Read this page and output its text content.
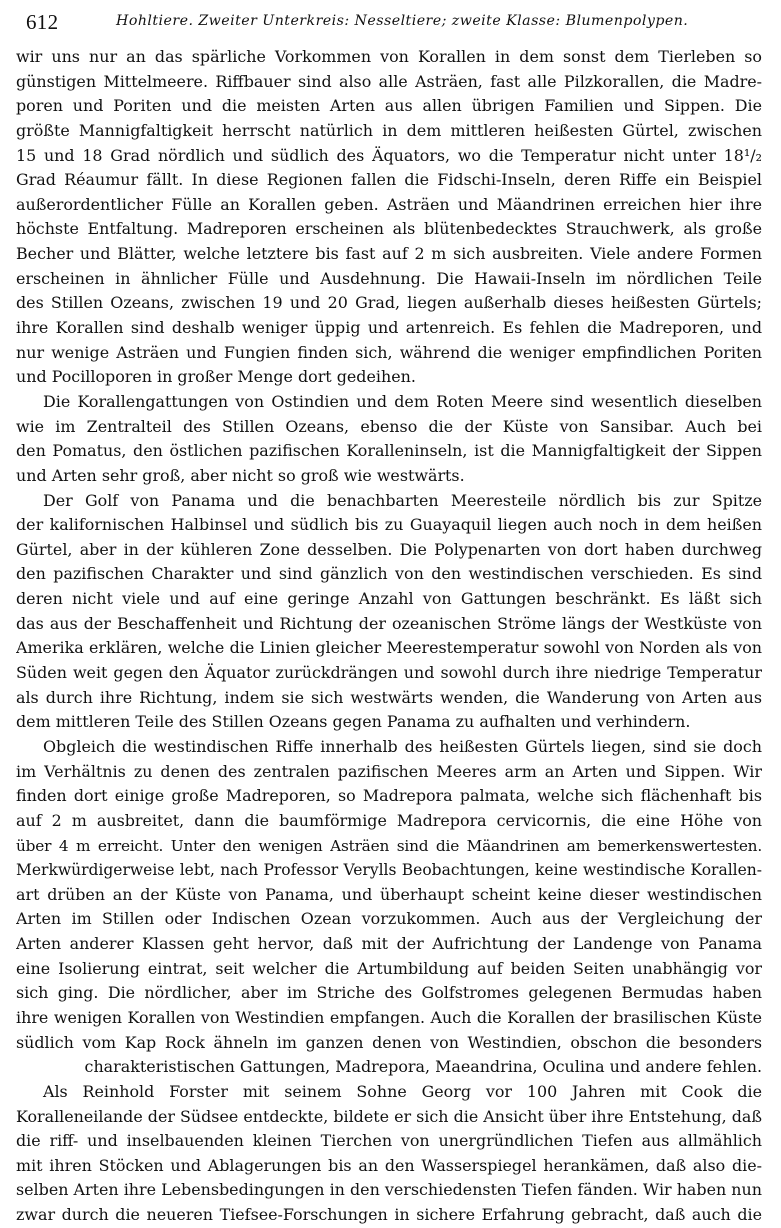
612	Hohltiere. Zweiter Unterkreis: Nesseltiere; zweite Klasse: Blumenpolypen.
wir uns nur an das spärliche Vorkommen von Korallen in dem sonst dem Tierleben so
günstigen Mittelmeere. Riffbauer sind also alle Asträen, fast alle Pilzkorallen, die Madre-
poren und Poriten und die meisten Arten aus allen übrigen Familien und Sippen. Die
größte Mannigfaltigkeit herrscht natürlich in dem mittleren heißesten Gürtel, zwischen
15 und 18 Grad nördlich und südlich des Äquators, wo die Temperatur nicht unter 18¹/₂
Grad Réaumur fällt. In diese Regionen fallen die Fidschi-Inseln, deren Riffe ein Beispiel
außerordentlicher Fülle an Korallen geben. Asträen und Mäandrinen erreichen hier ihre
höchste Entfaltung. Madreporen erscheinen als blütenbedecktes Strauchwerk, als große
Becher und Blätter, welche letztere bis fast auf 2 m sich ausbreiten. Viele andere Formen
erscheinen in ähnlicher Fülle und Ausdehnung. Die Hawaii-Inseln im nördlichen Teile
des Stillen Ozeans, zwischen 19 und 20 Grad, liegen außerhalb dieses heißesten Gürtels;
ihre Korallen sind deshalb weniger üppig und artenreich. Es fehlen die Madreporen, und
nur wenige Asträen und Fungien finden sich, während die weniger empfindlichen Poriten
und Pocilloporen in großer Menge dort gedeihen.
Die Korallengattungen von Ostindien und dem Roten Meere sind wesentlich dieselben
wie im Zentralteil des Stillen Ozeans, ebenso die der Küste von Sansibar. Auch bei
den Pomatus, den östlichen pazifischen Koralleninseln, ist die Mannigfaltigkeit der Sippen
und Arten sehr groß, aber nicht so groß wie westwärts.
Der Golf von Panama und die benachbarten Meeresteile nördlich bis zur Spitze
der kalifornischen Halbinsel und südlich bis zu Guayaquil liegen auch noch in dem heißen
Gürtel, aber in der kühleren Zone desselben. Die Polypenarten von dort haben durchweg
den pazifischen Charakter und sind gänzlich von den westindischen verschieden. Es sind
deren nicht viele und auf eine geringe Anzahl von Gattungen beschränkt. Es läßt sich
das aus der Beschaffenheit und Richtung der ozeanischen Ströme längs der Westküste von
Amerika erklären, welche die Linien gleicher Meerestemperatur sowohl von Norden als von
Süden weit gegen den Äquator zurückdrängen und sowohl durch ihre niedrige Temperatur
als durch ihre Richtung, indem sie sich westwärts wenden, die Wanderung von Arten aus
dem mittleren Teile des Stillen Ozeans gegen Panama zu aufhalten und verhindern.
Obgleich die westindischen Riffe innerhalb des heißesten Gürtels liegen, sind sie doch
im Verhältnis zu denen des zentralen pazifischen Meeres arm an Arten und Sippen. Wir
finden dort einige große Madreporen, so Madrepora palmata, welche sich flächenhaft bis
auf 2 m ausbreitet, dann die baumförmige Madrepora cervicornis, die eine Höhe von
über 4 m erreicht. Unter den wenigen Asträen sind die Mäandrinen am bemerkenswertesten.
Merkwürdigerweise lebt, nach Professor Verylls Beobachtungen, keine westindische Korallen-
art drüben an der Küste von Panama, und überhaupt scheint keine dieser westindischen
Arten im Stillen oder Indischen Ozean vorzukommen. Auch aus der Vergleichung der
Arten anderer Klassen geht hervor, daß mit der Aufrichtung der Landenge von Panama
eine Isolierung eintrat, seit welcher die Artumbildung auf beiden Seiten unabhängig vor
sich ging. Die nördlicher, aber im Striche des Golfstromes gelegenen Bermudas haben
ihre wenigen Korallen von Westindien empfangen. Auch die Korallen der brasilischen Küste
südlich vom Kap Rock ähneln im ganzen denen von Westindien, obschon die besonders
charakteristischen Gattungen, Madrepora, Maeandrina, Oculina und andere fehlen.
Als Reinhold Forster mit seinem Sohne Georg vor 100 Jahren mit Cook die
Koralleneilande der Südsee entdeckte, bildete er sich die Ansicht über ihre Entstehung, daß
die riff- und inselbauenden kleinen Tierchen von unergründlichen Tiefen aus allmählich
mit ihren Stöcken und Ablagerungen bis an den Wasserspiegel herankämen, daß also die-
selben Arten ihre Lebensbedingungen in den verschiedensten Tiefen fänden. Wir haben nun
zwar durch die neueren Tiefsee-Forschungen in sichere Erfahrung gebracht, daß auch die
